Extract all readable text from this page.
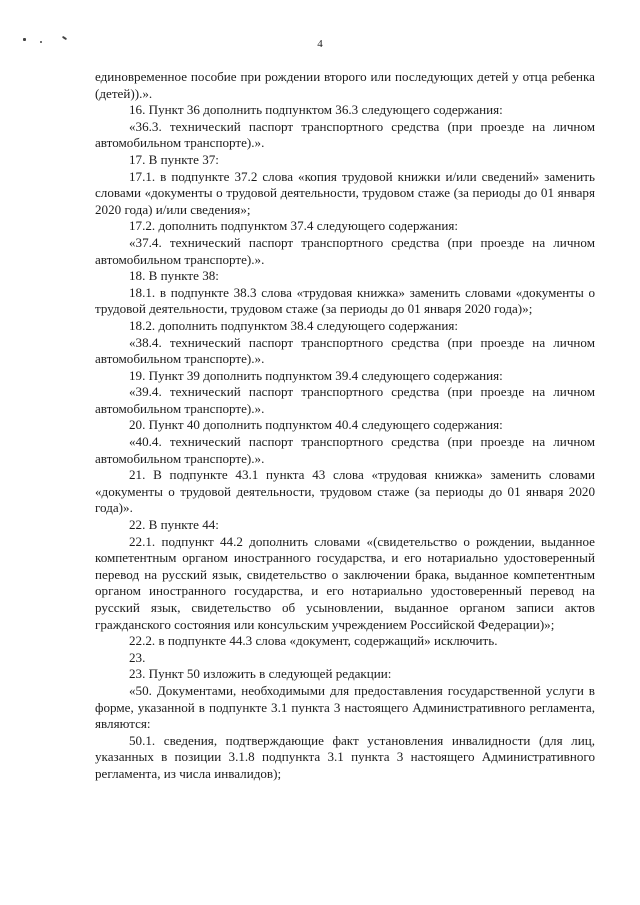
4

единовременное пособие при рождении второго или последующих детей у отца ребенка (детей)).».

16. Пункт 36 дополнить подпунктом 36.3 следующего содержания:

«36.3. технический паспорт транспортного средства (при проезде на личном автомобильном транспорте).».

17. В пункте 37:

17.1. в подпункте 37.2 слова «копия трудовой книжки и/или сведений» заменить словами «документы о трудовой деятельности, трудовом стаже (за периоды до 01 января 2020 года) и/или сведения»;

17.2. дополнить подпунктом 37.4 следующего содержания:

«37.4. технический паспорт транспортного средства (при проезде на личном автомобильном транспорте).».

18. В пункте 38:

18.1. в подпункте 38.3 слова «трудовая книжка» заменить словами «документы о трудовой деятельности, трудовом стаже (за периоды до 01 января 2020 года)»;

18.2. дополнить подпунктом 38.4 следующего содержания:

«38.4. технический паспорт транспортного средства (при проезде на личном автомобильном транспорте).».

19. Пункт 39 дополнить подпунктом 39.4 следующего содержания:

«39.4. технический паспорт транспортного средства (при проезде на личном автомобильном транспорте).».

20. Пункт 40 дополнить подпунктом 40.4 следующего содержания:

«40.4. технический паспорт транспортного средства (при проезде на личном автомобильном транспорте).».

21. В подпункте 43.1 пункта 43 слова «трудовая книжка» заменить словами «документы о трудовой деятельности, трудовом стаже (за периоды до 01 января 2020 года)».

22. В пункте 44:

22.1. подпункт 44.2 дополнить словами «(свидетельство о рождении, выданное компетентным органом иностранного государства, и его нотариально удостоверенный перевод на русский язык, свидетельство о заключении брака, выданное компетентным органом иностранного государства, и его нотариально удостоверенный перевод на русский язык, свидетельство об усыновлении, выданное органом записи актов гражданского состояния или консульским учреждением Российской Федерации)»;

22.2. в подпункте 44.3 слова «документ, содержащий» исключить.

23.

23. Пункт 50 изложить в следующей редакции:

«50. Документами, необходимыми для предоставления государственной услуги в форме, указанной в подпункте 3.1 пункта 3 настоящего Административного регламента, являются:

50.1. сведения, подтверждающие факт установления инвалидности (для лиц, указанных в позиции 3.1.8 подпункта 3.1 пункта 3 настоящего Административного регламента, из числа инвалидов);
